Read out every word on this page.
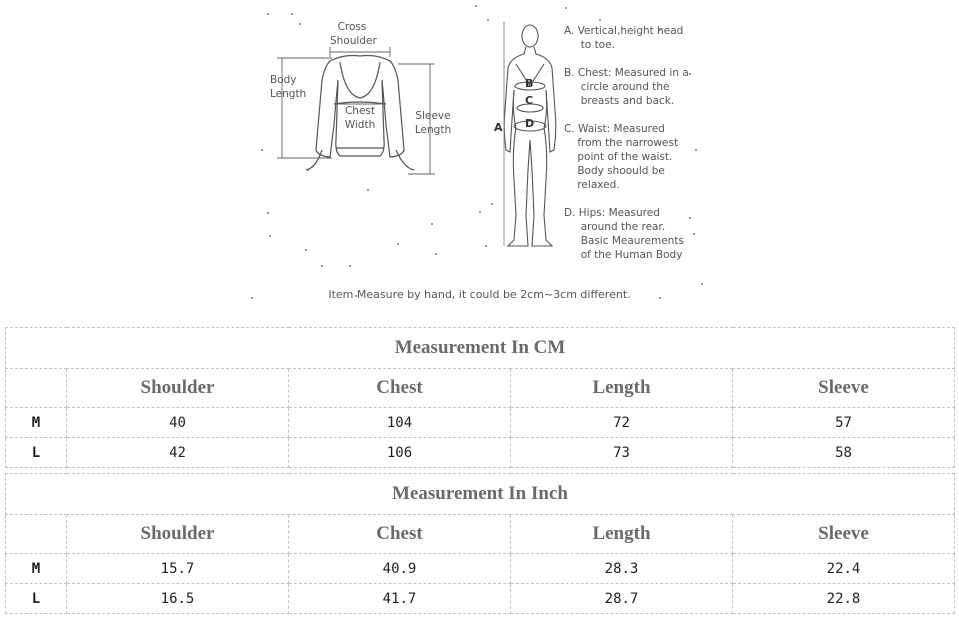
Cross
Shoulder
Body
Length
Chest
Width
Sleeve
Length
B
C
D
A
A. Vertical,height head
to toe.
B. Chest: Measured in a
circle around the
breasts and back.
C. Waist: Measured
from the narrowest
point of the waist.
Body shoould be
relaxed.
D. Hips: Measured
around the rear.
Basic Meaurements
of the Human Body
Item Measure by hand, it could be 2cm~3cm different.
Measurement In CM				
	Shoulder	Chest	Length	Sleeve
M	40	104	72	57
L	42	106	73	58
Measurement In Inch				
	Shoulder	Chest	Length	Sleeve
M	15.7	40.9	28.3	22.4
L	16.5	41.7	28.7	22.8
